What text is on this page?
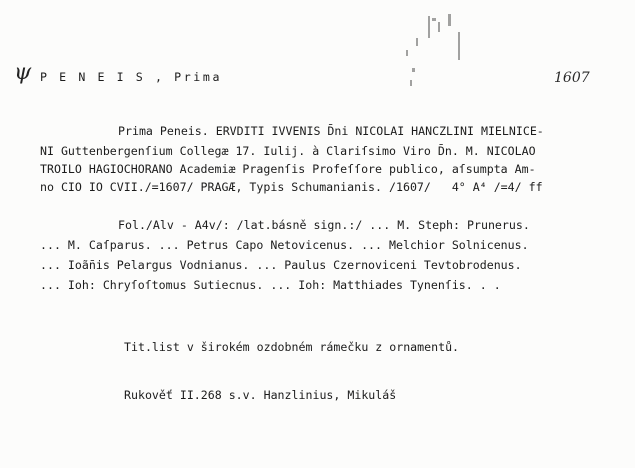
ψ P E N E I S , Prima	1607
Prima Peneis. ERVDITI IVVENIS D̄ni NICOLAI HANCZLINI MIELNICE-
NI Guttenbergenſium Collegæ 17. Iulij. à Clariſsimo Viro D̄n. M. NICOLAO
TROILO HAGIOCHORANO Academiæ Pragenſis Profeſſore publico, aſsumpta Am-
no CIO IO CVII./=1607/ PRAGÆ, Typis Schumanianis. /1607/   4° A⁴ /=4/ ff
Fol./Alv - A4v/: /lat.básně sign.:/ ... M. Steph: Prunerus.
... M. Caſparus. ... Petrus Capo Netovicenus. ... Melchior Solnicenus.
... Ioã̄nis Pelargus Vodnianus. ... Paulus Czernoviceni Tevtobrodenus.
... Ioh: Chryſoſtomus Sutiecnus. ... Ioh: Matthiades Tynenſis. . .
Tit.list v širokém ozdobném rámečku z ornamentů.
Rukověť II.268 s.v. Hanzlinius, Mikuláš
